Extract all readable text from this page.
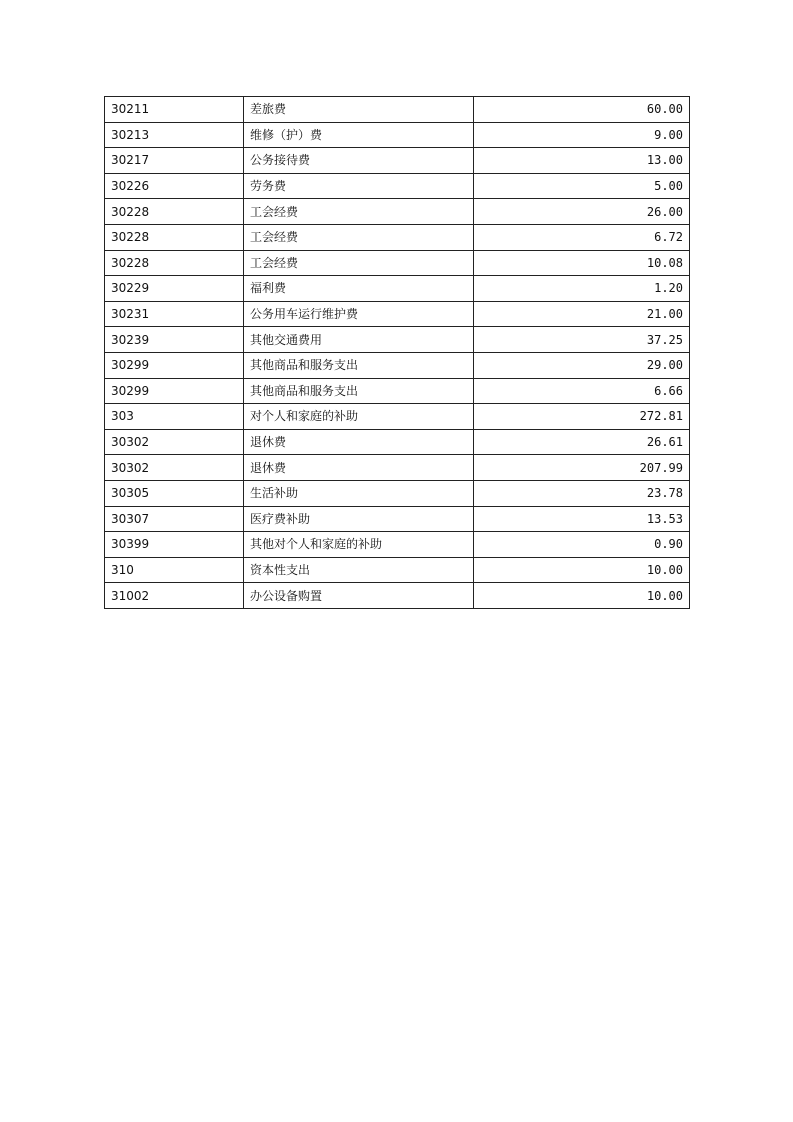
30211	差旅费	60.00
30213	维修（护）费	9.00
30217	公务接待费	13.00
30226	劳务费	5.00
30228	工会经费	26.00
30228	工会经费	6.72
30228	工会经费	10.08
30229	福利费	1.20
30231	公务用车运行维护费	21.00
30239	其他交通费用	37.25
30299	其他商品和服务支出	29.00
30299	其他商品和服务支出	6.66
303	对个人和家庭的补助	272.81
30302	退休费	26.61
30302	退休费	207.99
30305	生活补助	23.78
30307	医疗费补助	13.53
30399	其他对个人和家庭的补助	0.90
310	资本性支出	10.00
31002	办公设备购置	10.00
